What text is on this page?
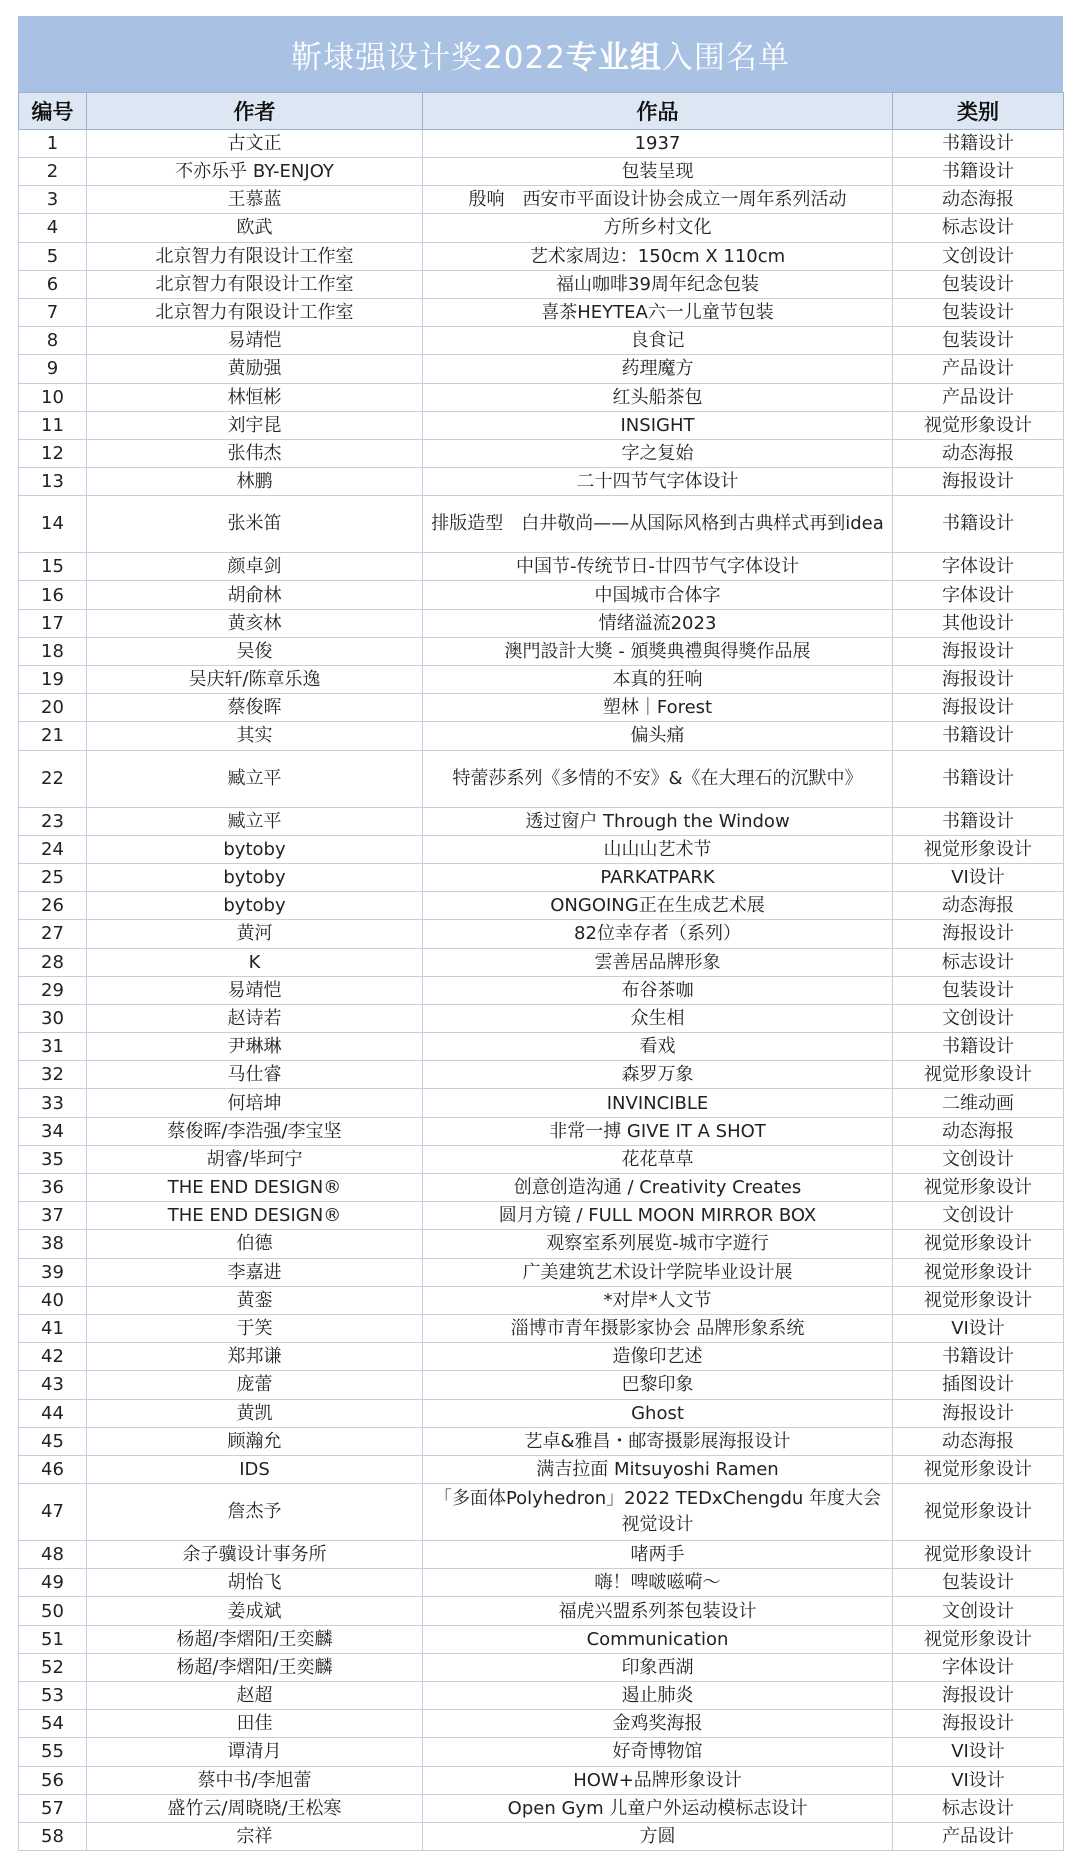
靳埭强设计奖2022 专业组 入围名单
编号	作者	作品	类别
1	古文正	1937	书籍设计
2	不亦乐乎 BY-ENJOY	包装呈现	书籍设计
3	王慕蓝	殷响　西安市平面设计协会成立一周年系列活动	动态海报
4	欧武	方所乡村文化	标志设计
5	北京智力有限设计工作室	艺术家周边：150cm X 110cm	文创设计
6	北京智力有限设计工作室	福山咖啡39周年纪念包装	包装设计
7	北京智力有限设计工作室	喜茶HEYTEA六一儿童节包装	包装设计
8	易靖恺	良食记	包装设计
9	黄励强	药理魔方	产品设计
10	林恒彬	红头船茶包	产品设计
11	刘宇昆	INSIGHT	视觉形象设计
12	张伟杰	字之复始	动态海报
13	林鹏	二十四节气字体设计	海报设计
14	张米笛	排版造型　白井敬尚——从国际风格到古典样式再到idea	书籍设计
15	颜卓剑	中国节-传统节日-廿四节气字体设计	字体设计
16	胡俞林	中国城市合体字	字体设计
17	黄亥林	情绪溢流2023	其他设计
18	吴俊	澳門設計大獎 - 頒獎典禮與得獎作品展	海报设计
19	吴庆轩/陈章乐逸	本真的狂响	海报设计
20	蔡俊晖	塑林｜Forest	海报设计
21	其实	偏头痛	书籍设计
22	臧立平	特蕾莎系列《多情的不安》&《在大理石的沉默中》	书籍设计
23	臧立平	透过窗户 Through the Window	书籍设计
24	bytoby	山山山艺术节	视觉形象设计
25	bytoby	PARKATPARK	VI设计
26	bytoby	ONGOING正在生成艺术展	动态海报
27	黄河	82位幸存者（系列）	海报设计
28	K	雲善居品牌形象	标志设计
29	易靖恺	布谷茶咖	包装设计
30	赵诗若	众生相	文创设计
31	尹琳琳	看戏	书籍设计
32	马仕睿	森罗万象	视觉形象设计
33	何培坤	INVINCIBLE	二维动画
34	蔡俊晖/李浩强/李宝坚	非常一搏 GIVE IT A SHOT	动态海报
35	胡睿/毕珂宁	花花草草	文创设计
36	THE END DESIGN®	创意创造沟通 / Creativity Creates	视觉形象设计
37	THE END DESIGN®	圆月方镜 / FULL MOON MIRROR BOX	文创设计
38	伯德	观察室系列展览-城市字遊行	视觉形象设计
39	李嘉进	广美建筑艺术设计学院毕业设计展	视觉形象设计
40	黄銮	*对岸*人文节	视觉形象设计
41	于笑	淄博市青年摄影家协会 品牌形象系统	VI设计
42	郑邦谦	造像印艺述	书籍设计
43	庞蕾	巴黎印象	插图设计
44	黄凯	Ghost	海报设计
45	顾瀚允	艺卓&雅昌・邮寄摄影展海报设计	动态海报
46	IDS	满吉拉面 Mitsuyoshi Ramen	视觉形象设计
47	詹杰予	「多面体Polyhedron」2022 TEDxChengdu 年度大会视觉设计	视觉形象设计
48	余子骥设计事务所	啫两手	视觉形象设计
49	胡怡飞	嗨！啤啵嗞嗬～	包装设计
50	姜成斌	福虎兴盟系列茶包装设计	文创设计
51	杨超/李熠阳/王奕麟	Communication	视觉形象设计
52	杨超/李熠阳/王奕麟	印象西湖	字体设计
53	赵超	遏止肺炎	海报设计
54	田佳	金鸡奖海报	海报设计
55	谭清月	好奇博物馆	VI设计
56	蔡中书/李旭蕾	HOW+品牌形象设计	VI设计
57	盛竹云/周晓晓/王松寒	Open Gym 儿童户外运动模标志设计	标志设计
58	宗祥	方圆	产品设计
